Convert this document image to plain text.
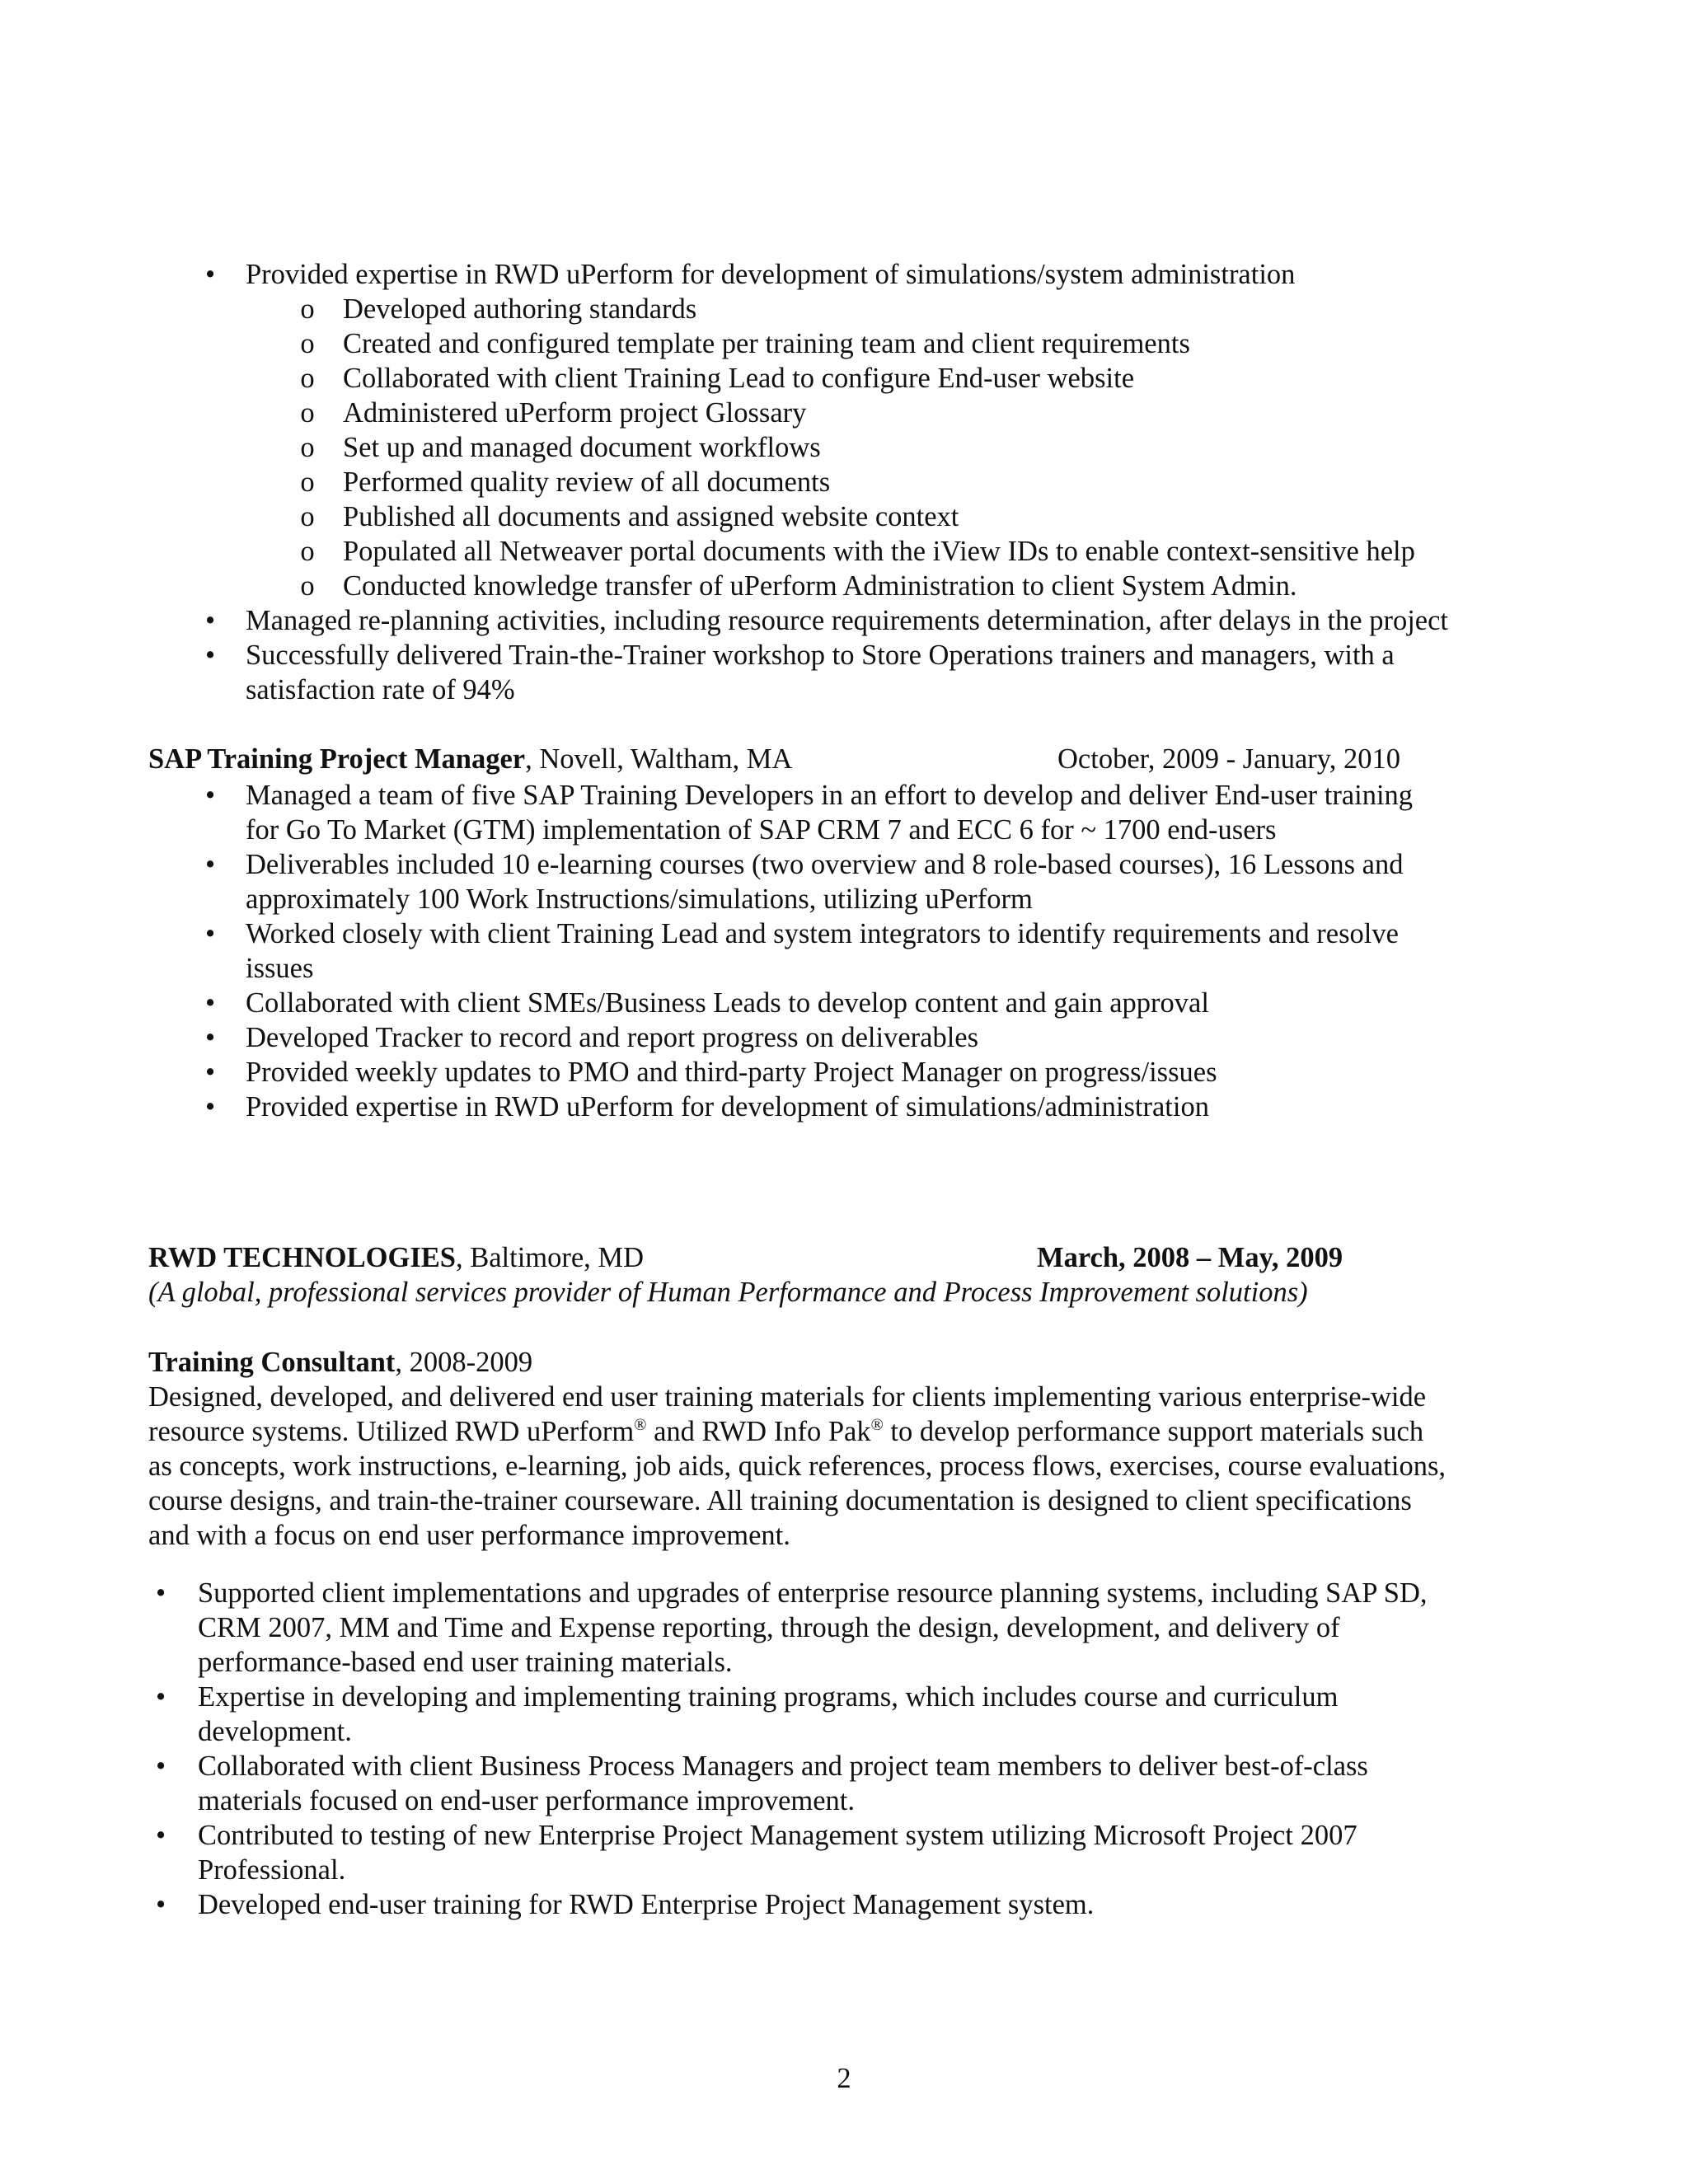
• Provided expertise in RWD uPerform for development of simulations/system administration
o Developed authoring standards
o Created and configured template per training team and client requirements
o Collaborated with client Training Lead to configure End-user website
o Administered uPerform project Glossary
o Set up and managed document workflows
o Performed quality review of all documents
o Published all documents and assigned website context
o Populated all Netweaver portal documents with the iView IDs to enable context-sensitive help
o Conducted knowledge transfer of uPerform Administration to client System Admin.
• Managed re-planning activities, including resource requirements determination, after delays in the project
• Successfully delivered Train-the-Trainer workshop to Store Operations trainers and managers, with a
satisfaction rate of 94%
SAP Training Project Manager, Novell, Waltham, MA	October, 2009 - January, 2010
• Managed a team of five SAP Training Developers in an effort to develop and deliver End-user training
for Go To Market (GTM) implementation of SAP CRM 7 and ECC 6 for ~ 1700 end-users
• Deliverables included 10 e-learning courses (two overview and 8 role-based courses), 16 Lessons and
approximately 100 Work Instructions/simulations, utilizing uPerform
• Worked closely with client Training Lead and system integrators to identify requirements and resolve
issues
• Collaborated with client SMEs/Business Leads to develop content and gain approval
• Developed Tracker to record and report progress on deliverables
• Provided weekly updates to PMO and third-party Project Manager on progress/issues
• Provided expertise in RWD uPerform for development of simulations/administration
RWD TECHNOLOGIES, Baltimore, MD	March, 2008 – May, 2009
(A global, professional services provider of Human Performance and Process Improvement solutions)
Training Consultant, 2008-2009
Designed, developed, and delivered end user training materials for clients implementing various enterprise-wide
resource systems. Utilized RWD uPerform® and RWD Info Pak® to develop performance support materials such
as concepts, work instructions, e-learning, job aids, quick references, process flows, exercises, course evaluations,
course designs, and train-the-trainer courseware. All training documentation is designed to client specifications
and with a focus on end user performance improvement.
• Supported client implementations and upgrades of enterprise resource planning systems, including SAP SD,
CRM 2007, MM and Time and Expense reporting, through the design, development, and delivery of
performance-based end user training materials.
• Expertise in developing and implementing training programs, which includes course and curriculum
development.
• Collaborated with client Business Process Managers and project team members to deliver best-of-class
materials focused on end-user performance improvement.
• Contributed to testing of new Enterprise Project Management system utilizing Microsoft Project 2007
Professional.
• Developed end-user training for RWD Enterprise Project Management system.
2
